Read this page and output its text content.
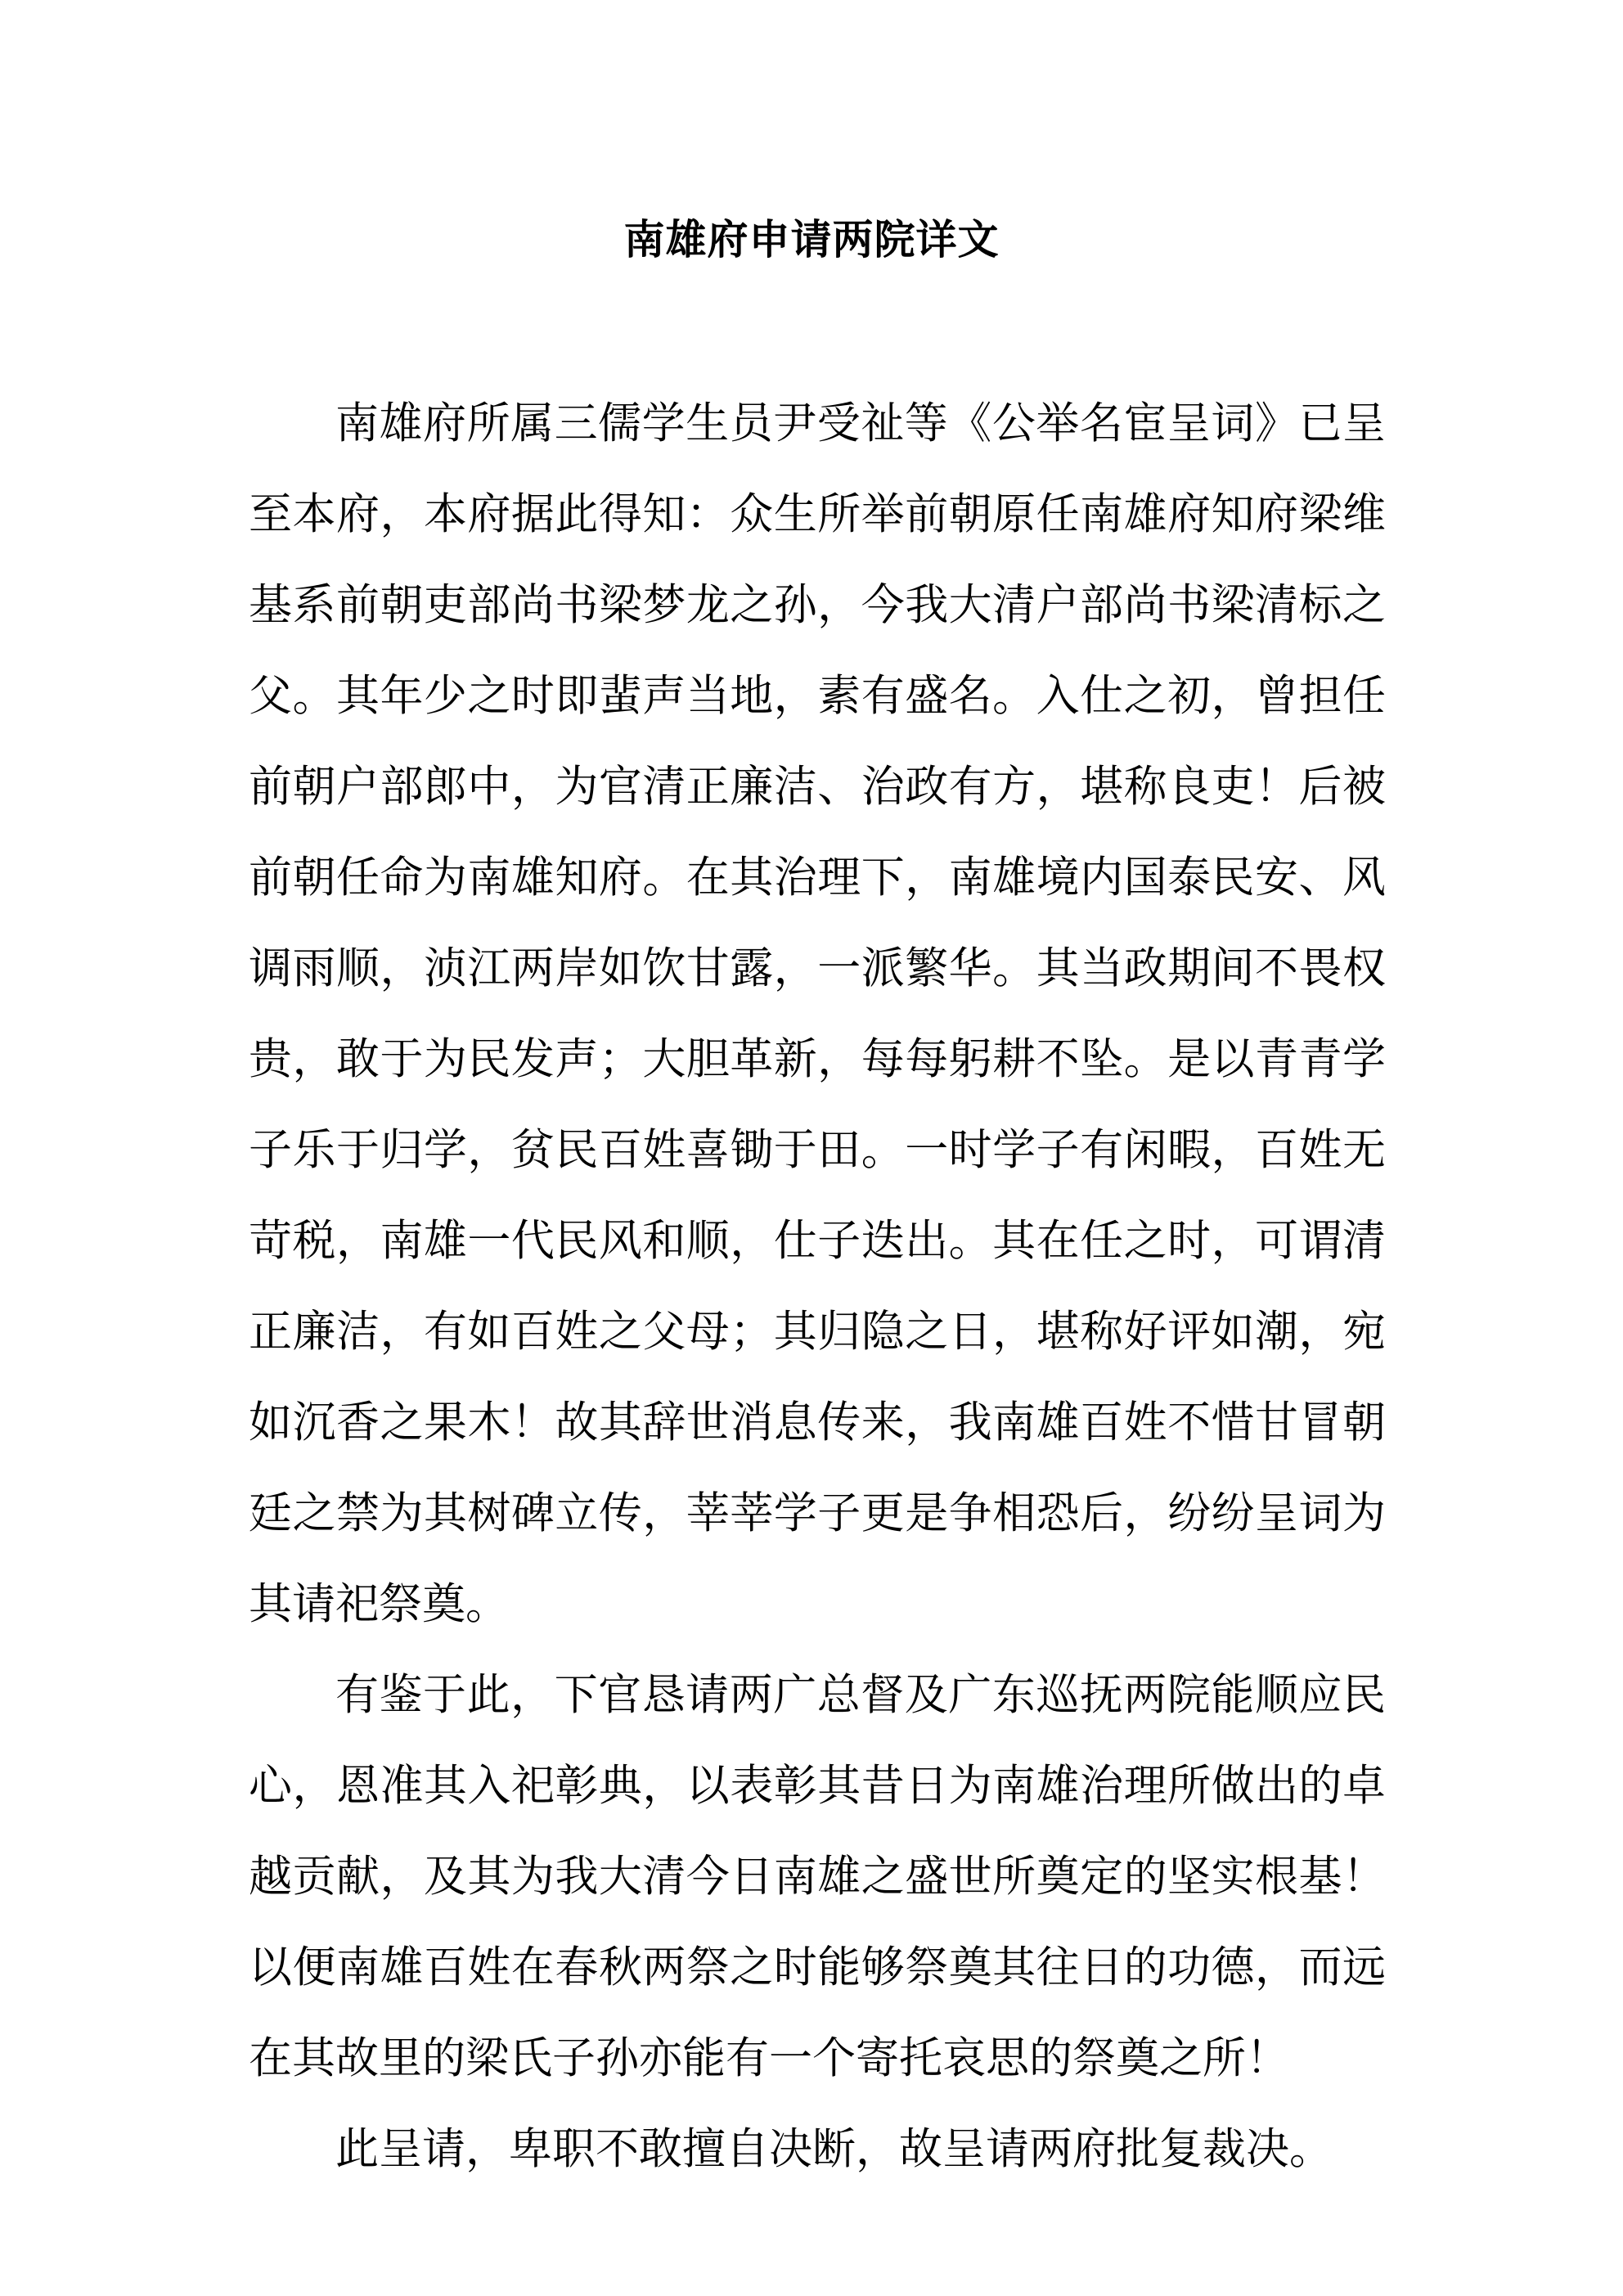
南雄府申请两院详文

南雄府所属三儒学生员尹受祉等《公举名宦呈词》已呈至本府，本府据此得知：众生所举前朝原任南雄府知府梁维基系前朝吏部尚书梁梦龙之孙，今我大清户部尚书梁清标之父。其年少之时即蜚声当地，素有盛名。入仕之初，曾担任前朝户部郎中，为官清正廉洁、治政有方，堪称良吏！后被前朝任命为南雄知府。在其治理下，南雄境内国泰民安、风调雨顺，浈江两岸如饮甘露，一派繁华。其当政期间不畏权贵，敢于为民发声；大胆革新，每每躬耕不坠。是以青青学子乐于归学，贫民百姓喜锄于田。一时学子有闲暇，百姓无苛税，南雄一代民风和顺，仕子迭出。其在任之时，可谓清正廉洁，有如百姓之父母；其归隐之日，堪称好评如潮，宛如沉香之果木！故其辞世消息传来，我南雄百姓不惜甘冒朝廷之禁为其树碑立传，莘莘学子更是争相恐后，纷纷呈词为其请祀祭奠。

有鉴于此，下官恳请两广总督及广东巡抚两院能顺应民心，恩准其入祀彰典，以表彰其昔日为南雄治理所做出的卓越贡献，及其为我大清今日南雄之盛世所奠定的坚实根基！以便南雄百姓在春秋两祭之时能够祭奠其往日的功德，而远在其故里的梁氏子孙亦能有一个寄托哀思的祭奠之所！

此呈请，卑职不敢擅自决断，故呈请两府批复裁决。
